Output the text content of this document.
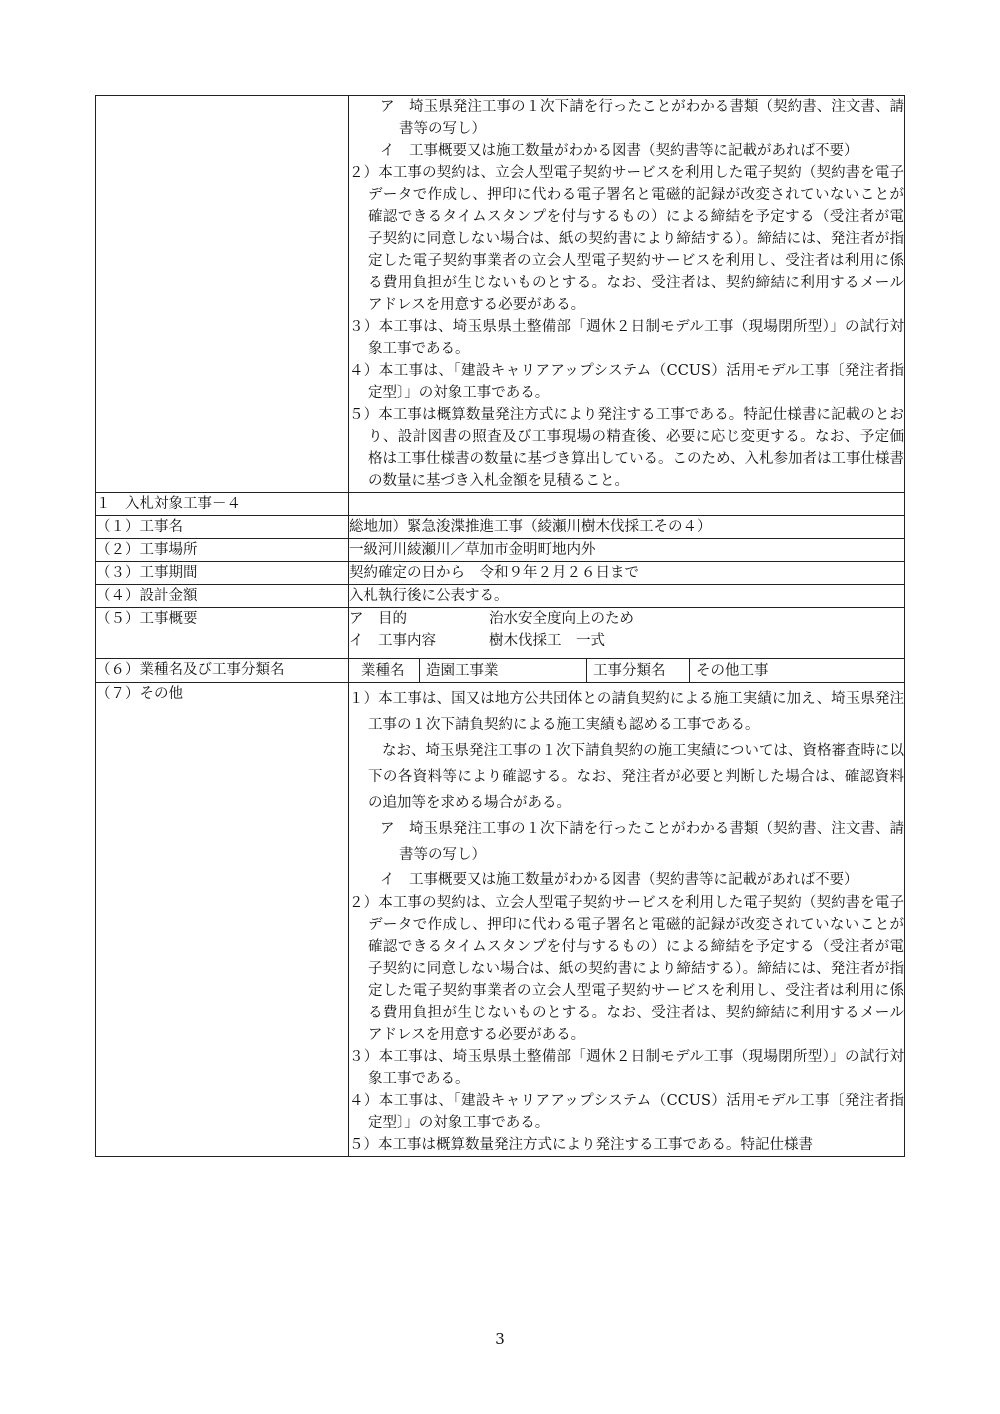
ア　埼玉県発注工事の１次下請を行ったことがわかる書類（契約書、注文書、請書等の写し）

イ　工事概要又は施工数量がわかる図書（契約書等に記載があれば不要）

２）本工事の契約は、立会人型電子契約サービスを利用した電子契約（契約書を電子データで作成し、押印に代わる電子署名と電磁的記録が改変されていないことが確認できるタイムスタンプを付与するもの）による締結を予定する（受注者が電子契約に同意しない場合は、紙の契約書により締結する）。締結には、発注者が指定した電子契約事業者の立会人型電子契約サービスを利用し、受注者は利用に係る費用負担が生じないものとする。なお、受注者は、契約締結に利用するメールアドレスを用意する必要がある。

３）本工事は、埼玉県県土整備部「週休２日制モデル工事（現場閉所型）」の試行対象工事である。

４）本工事は、「建設キャリアアップシステム（CCUS）活用モデル工事〔発注者指定型〕」の対象工事である。

５）本工事は概算数量発注方式により発注する工事である。特記仕様書に記載のとおり、設計図書の照査及び工事現場の精査後、必要に応じ変更する。なお、予定価格は工事仕様書の数量に基づき算出している。このため、入札参加者は工事仕様書の数量に基づき入札金額を見積ること。

１　入札対象工事－４	
（１）工事名	総地加）緊急浚渫推進工事（綾瀬川樹木伐採工その４）
（２）工事場所	一級河川綾瀬川／草加市金明町地内外
（３）工事期間	契約確定の日から　令和９年２月２６日まで
（４）設計金額	入札執行後に公表する。
（５）工事概要	ア　目的	治水安全度向上のため
イ　工事内容	樹木伐採工　一式

（６）業種名及び工事分類名		業種名	造園工事業	工事分類名	その他工事

（７）その他	１）本工事は、国又は地方公共団体との請負契約による施工実績に加え、埼玉県発注工事の１次下請負契約による施工実績も認める工事である。

なお、埼玉県発注工事の１次下請負契約の施工実績については、資格審査時に以下の各資料等により確認する。なお、発注者が必要と判断した場合は、確認資料の追加等を求める場合がある。

ア　埼玉県発注工事の１次下請を行ったことがわかる書類（契約書、注文書、請書等の写し）

イ　工事概要又は施工数量がわかる図書（契約書等に記載があれば不要）

２）本工事の契約は、立会人型電子契約サービスを利用した電子契約（契約書を電子データで作成し、押印に代わる電子署名と電磁的記録が改変されていないことが確認できるタイムスタンプを付与するもの）による締結を予定する（受注者が電子契約に同意しない場合は、紙の契約書により締結する）。締結には、発注者が指定した電子契約事業者の立会人型電子契約サービスを利用し、受注者は利用に係る費用負担が生じないものとする。なお、受注者は、契約締結に利用するメールアドレスを用意する必要がある。

３）本工事は、埼玉県県土整備部「週休２日制モデル工事（現場閉所型）」の試行対象工事である。

４）本工事は、「建設キャリアアップシステム（CCUS）活用モデル工事〔発注者指定型〕」の対象工事である。

５）本工事は概算数量発注方式により発注する工事である。特記仕様書

3
